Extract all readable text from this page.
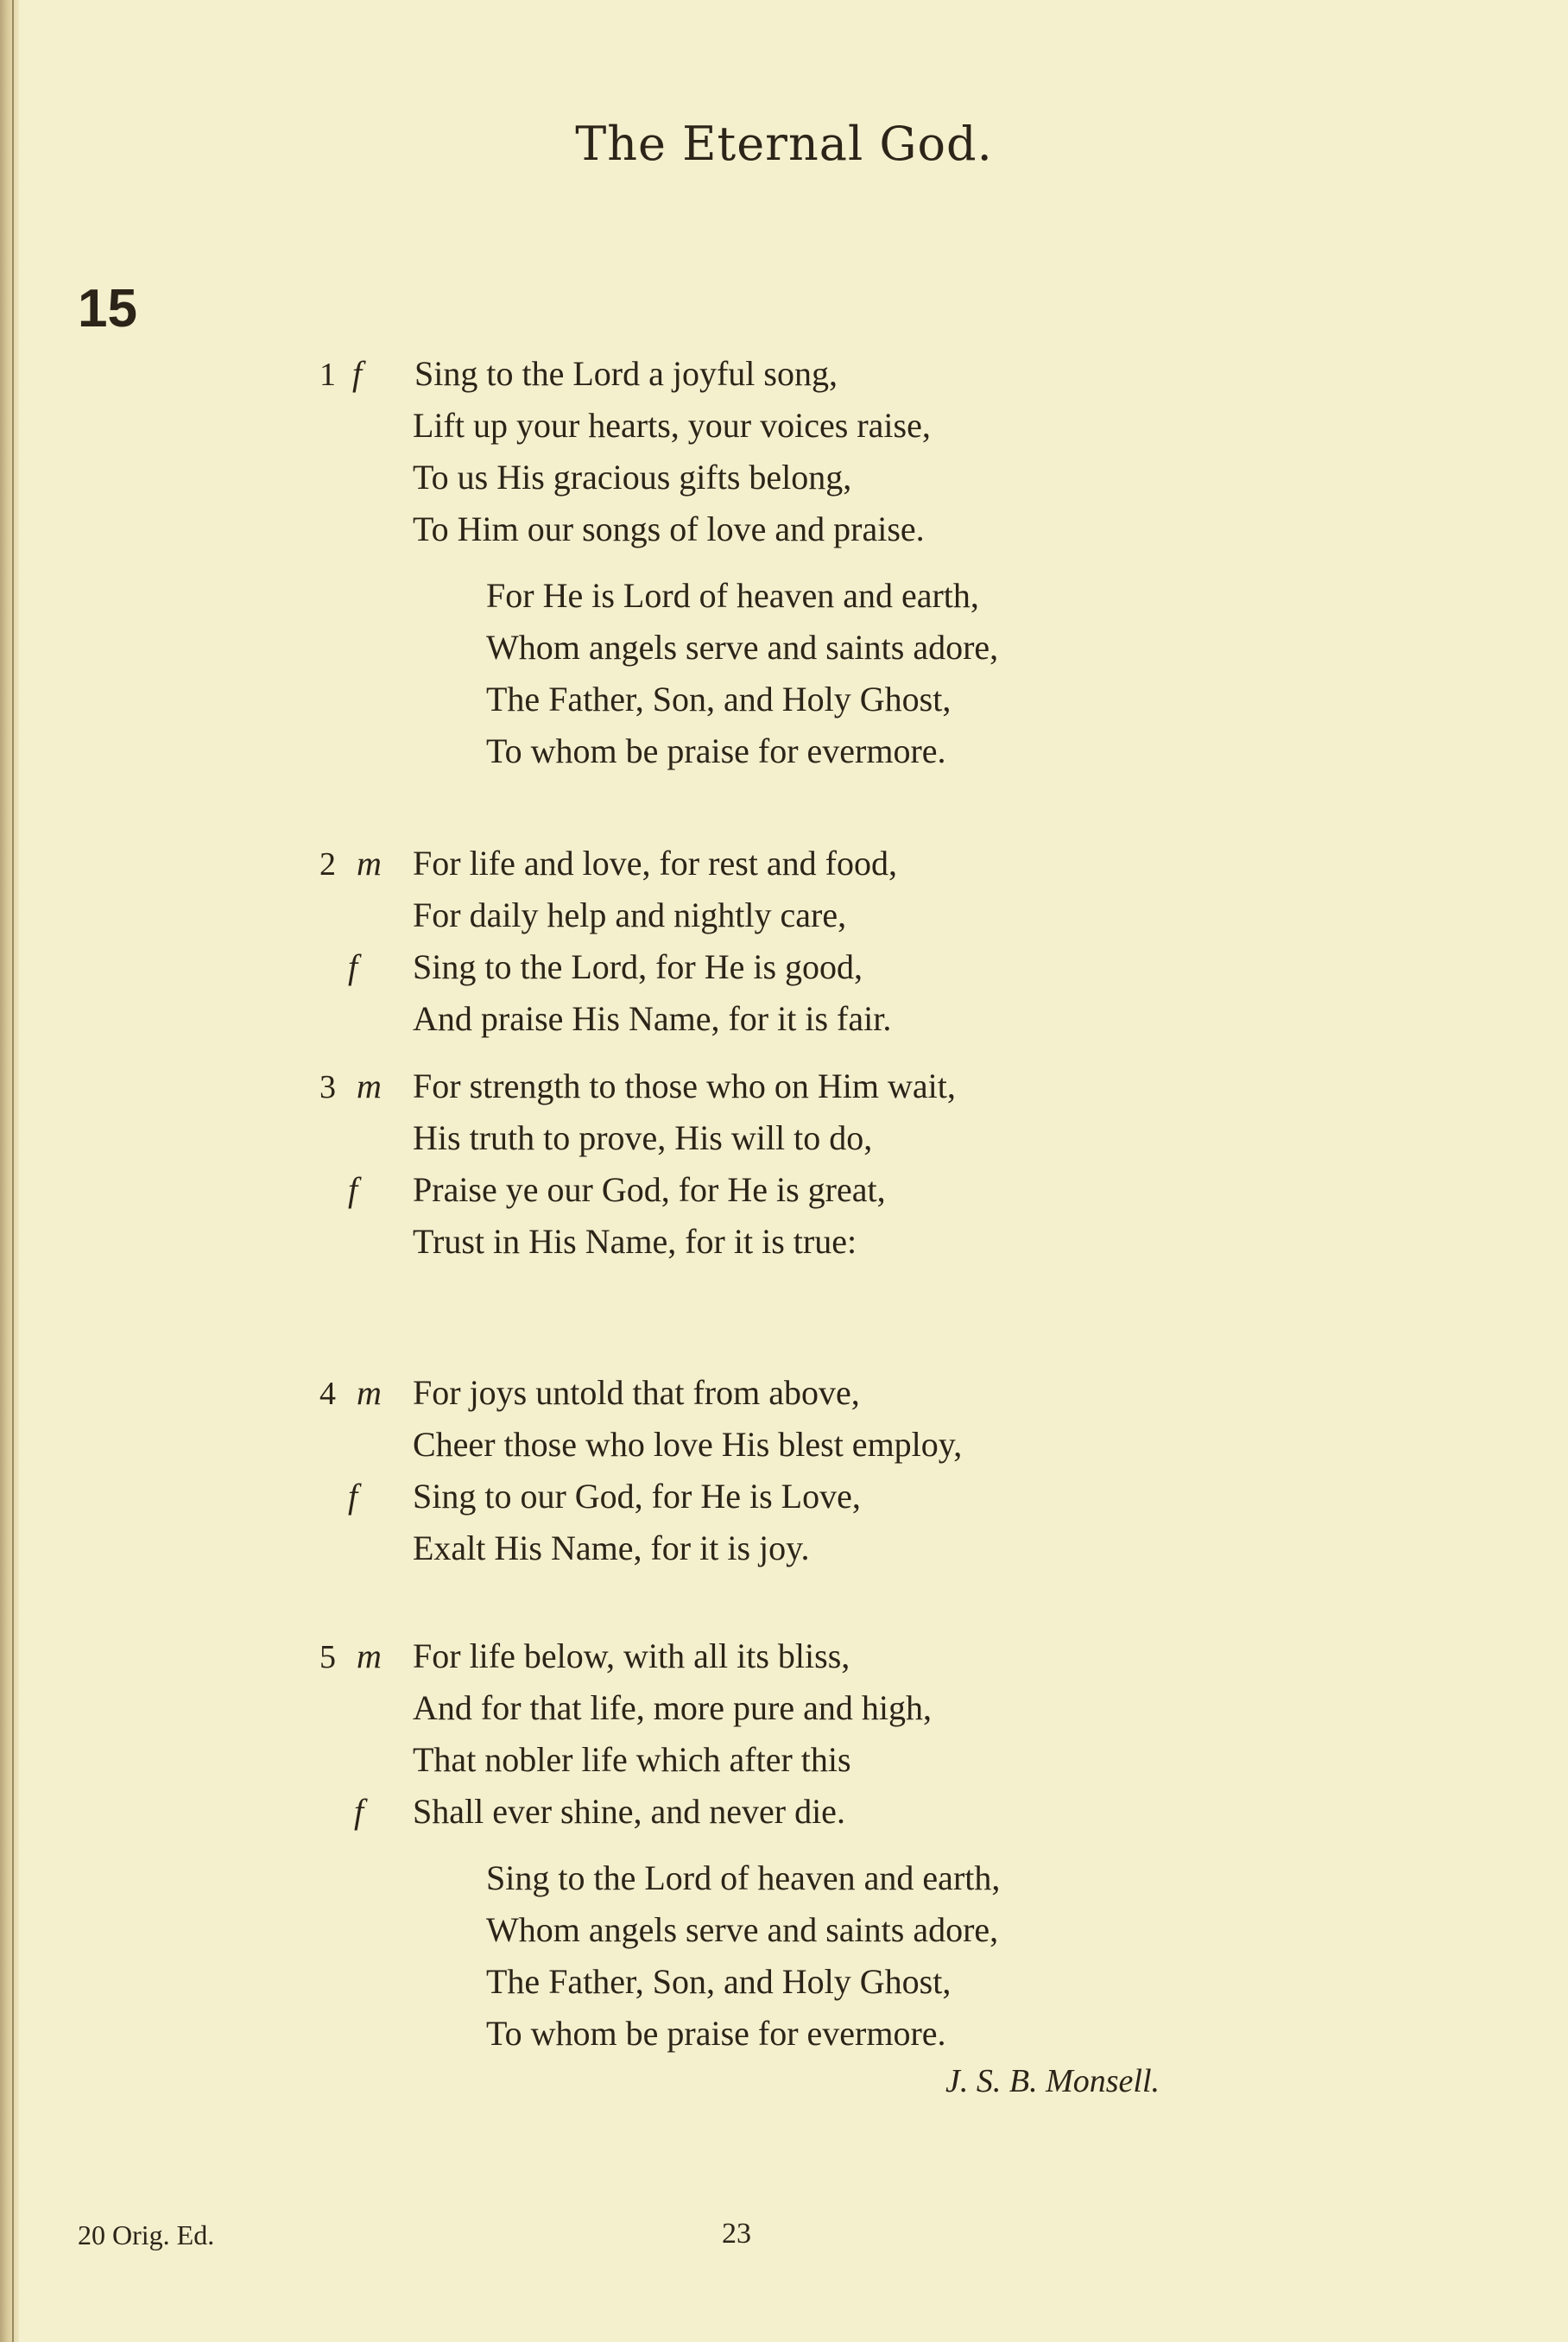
The Eternal God.
15
1 f Sing to the Lord a joyful song,
Lift up your hearts, your voices raise,
To us His gracious gifts belong,
To Him our songs of love and praise.
For He is Lord of heaven and earth,
Whom angels serve and saints adore,
The Father, Son, and Holy Ghost,
To whom be praise for evermore.
2 m For life and love, for rest and food,
For daily help and nightly care,
f Sing to the Lord, for He is good,
And praise His Name, for it is fair.
3 m For strength to those who on Him wait,
His truth to prove, His will to do,
f Praise ye our God, for He is great,
Trust in His Name, for it is true:
4 m For joys untold that from above,
Cheer those who love His blest employ,
f Sing to our God, for He is Love,
Exalt His Name, for it is joy.
5 m For life below, with all its bliss,
And for that life, more pure and high,
That nobler life which after this
f Shall ever shine, and never die.
Sing to the Lord of heaven and earth,
Whom angels serve and saints adore,
The Father, Son, and Holy Ghost,
To whom be praise for evermore.
J. S. B. Monsell.
20 Orig. Ed.	23
